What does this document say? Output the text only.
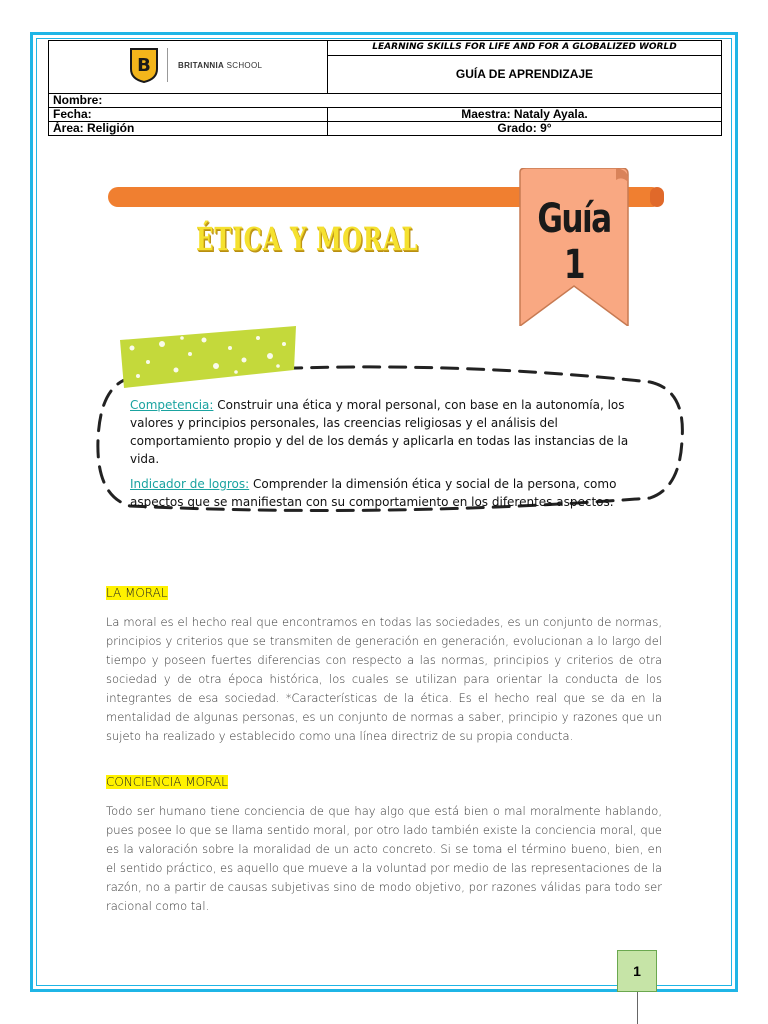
B BRITANNIA SCHOOL	LEARNING SKILLS FOR LIFE AND FOR A GLOBALIZED WORLD
	GUÍA DE APRENDIZAJE
Nombre:	
Fecha:	Maestra: Nataly Ayala.
Área: Religión	Grado: 9°
Guía 1
ÉTICA Y MORAL

Competencia: Construir una ética y moral personal, con base en la autonomía, los valores y principios personales, las creencias religiosas y el análisis del comportamiento propio y del de los demás y aplicarla en todas las instancias de la vida.

Indicador de logros: Comprender la dimensión ética y social de la persona, como aspectos que se manifiestan con su comportamiento en los diferentes aspectos.

LA MORAL
La moral es el hecho real que encontramos en todas las sociedades, es un conjunto de normas, principios y criterios que se transmiten de generación en generación, evolucionan a lo largo del tiempo y poseen fuertes diferencias con respecto a las normas, principios y criterios de otra sociedad y de otra época histórica, los cuales se utilizan para orientar la conducta de los integrantes de esa sociedad. *Características de la ética. Es el hecho real que se da en la mentalidad de algunas personas, es un conjunto de normas a saber, principio y razones que un sujeto ha realizado y establecido como una línea directriz de su propia conducta.
CONCIENCIA MORAL
Todo ser humano tiene conciencia de que hay algo que está bien o mal moralmente hablando, pues posee lo que se llama sentido moral, por otro lado también existe la conciencia moral, que es la valoración sobre la moralidad de un acto concreto. Si se toma el término bueno, bien, en el sentido práctico, es aquello que mueve a la voluntad por medio de las representaciones de la razón, no a partir de causas subjetivas sino de modo objetivo, por razones válidas para todo ser racional como tal.
1
